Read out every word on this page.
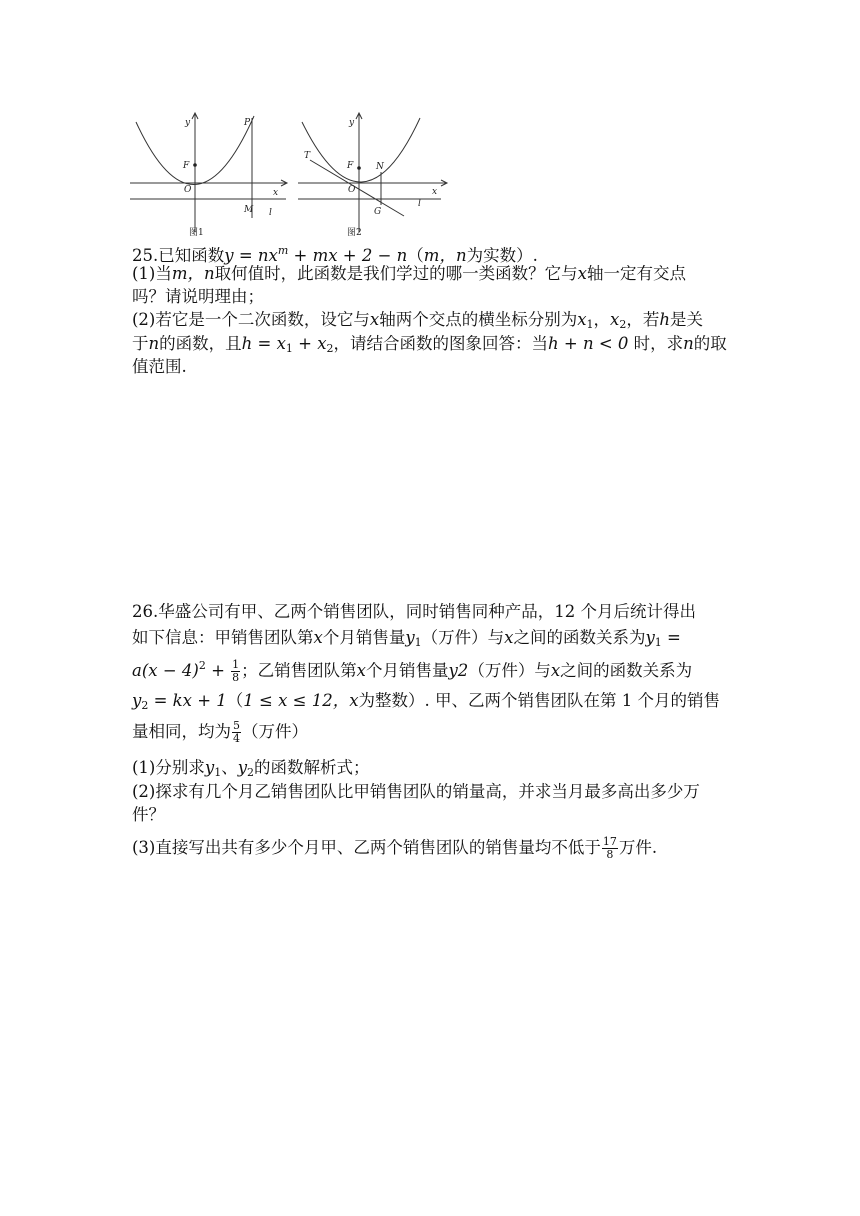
y	P
F
O	x
M l
图1
y
T
F	N
O	x
G
l
图2
25.已知函数$y = nx^m$ + mx + 2 − n（m，n为实数）.
(1)当m，n取何值时，此函数是我们学过的哪一类函数？它与x轴一定有交点
吗？请说明理由；
(2)若它是一个二次函数，设它与x轴两个交点的横坐标分别为$x_1$，$x_2$，若h是关
于n的函数，且$h = x_1 + x_2$，请结合函数的图象回答：当h + n < 0 时，求n的取
值范围.
26.华盛公司有甲、乙两个销售团队，同时销售同种产品，12 个月后统计得出
如下信息：甲销售团队第x个月销售量$y_1$（万件）与x之间的函数关系为$y_1$ =
$a(x - 4)^2 + \frac{1}{8}$ ；乙销售团队第x个月销售量y2（万件）与x之间的函数关系为
$y_2$ = kx + 1（1 ≤ x ≤ 12，x为整数）. 甲、乙两个销售团队在第 1 个月的销售
量相同，均为 $\frac{5}{4}$ （万件）
(1)分别求$y_1$、$y_2$的函数解析式；
(2)探求有几个月乙销售团队比甲销售团队的销量高，并求当月最多高出多少万
件？
(3)直接写出共有多少个月甲、乙两个销售团队的销售量均不低于 $\frac{17}{8}$ 万件.
